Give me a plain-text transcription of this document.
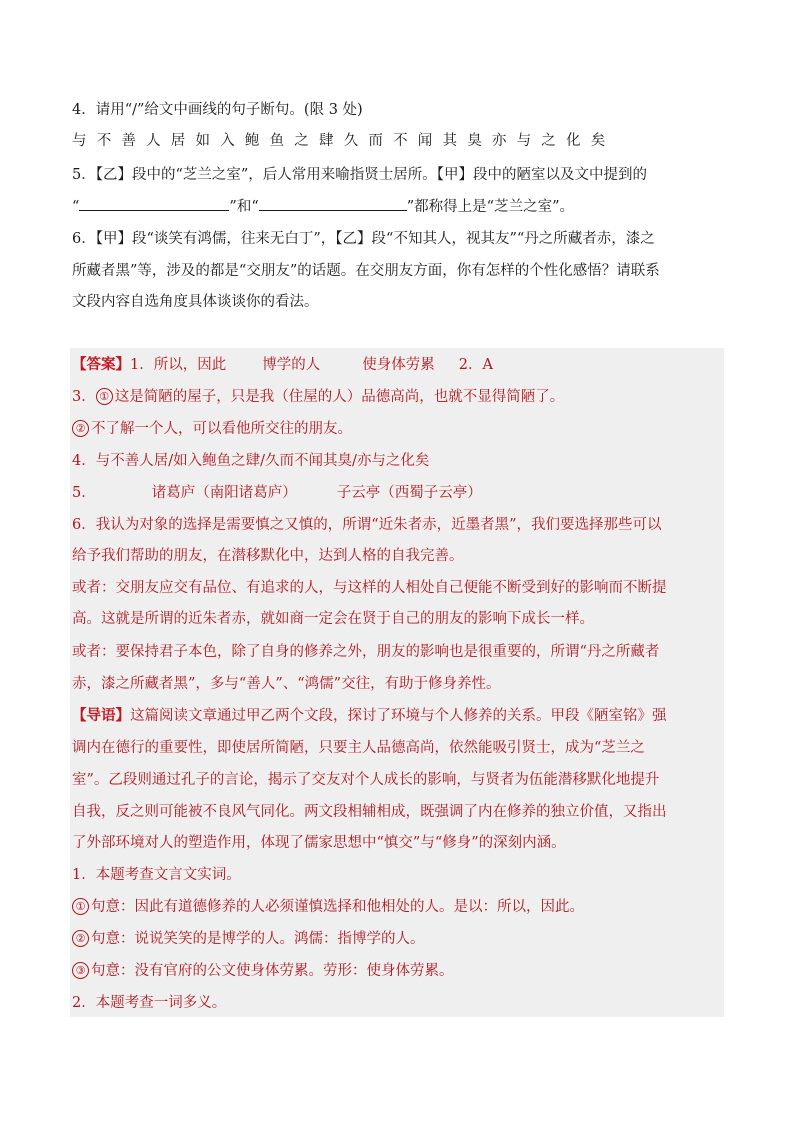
4．请用“/”给文中画线的句子断句。(限 3 处)
与不善人居如入鲍鱼之肆久而不闻其臭亦与之化矣
5．【乙】段中的“芝兰之室”，后人常用来喻指贤士居所。【甲】段中的陋室以及文中提到的
“	”和“	”都称得上是“芝兰之室”。
6．【甲】段“谈笑有鸿儒，往来无白丁”，【乙】段“不知其人，视其友”“丹之所藏者赤，漆之
所藏者黑”等，涉及的都是“交朋友”的话题。在交朋友方面，你有怎样的个性化感悟？请联系
文段内容自选角度具体谈谈你的看法。
【答案】1．所以，因此 博学的人	使身体劳累 2．A
3． ① 这是简陋的屋子，只是我（住屋的人）品德高尚，也就不显得简陋了。
② 不了解一个人，可以看他所交往的朋友。
4．与不善人居/如入鲍鱼之肆/久而不闻其臭/亦与之化矣
5．	诸葛庐（南阳诸葛庐）	子云亭（西蜀子云亭）
6．我认为对象的选择是需要慎之又慎的，所谓“近朱者赤，近墨者黑”，我们要选择那些可以
给予我们帮助的朋友，在潜移默化中，达到人格的自我完善。
或者：交朋友应交有品位、有追求的人，与这样的人相处自己便能不断受到好的影响而不断提
高。这就是所谓的近朱者赤，就如商一定会在贤于自己的朋友的影响下成长一样。
或者：要保持君子本色，除了自身的修养之外，朋友的影响也是很重要的，所谓“丹之所藏者
赤，漆之所藏者黑”，多与“善人”、“鸿儒”交往，有助于修身养性。
【导语】这篇阅读文章通过甲乙两个文段，探讨了环境与个人修养的关系。甲段《陋室铭》强
调内在德行的重要性，即使居所简陋，只要主人品德高尚，依然能吸引贤士，成为“芝兰之
室”。乙段则通过孔子的言论，揭示了交友对个人成长的影响，与贤者为伍能潜移默化地提升
自我，反之则可能被不良风气同化。两文段相辅相成，既强调了内在修养的独立价值，又指出
了外部环境对人的塑造作用，体现了儒家思想中“慎交”与“修身”的深刻内涵。
1．本题考查文言文实词。
① 句意：因此有道德修养的人必须谨慎选择和他相处的人。是以：所以，因此。
② 句意：说说笑笑的是博学的人。鸿儒：指博学的人。
③ 句意：没有官府的公文使身体劳累。劳形：使身体劳累。
2．本题考查一词多义。
